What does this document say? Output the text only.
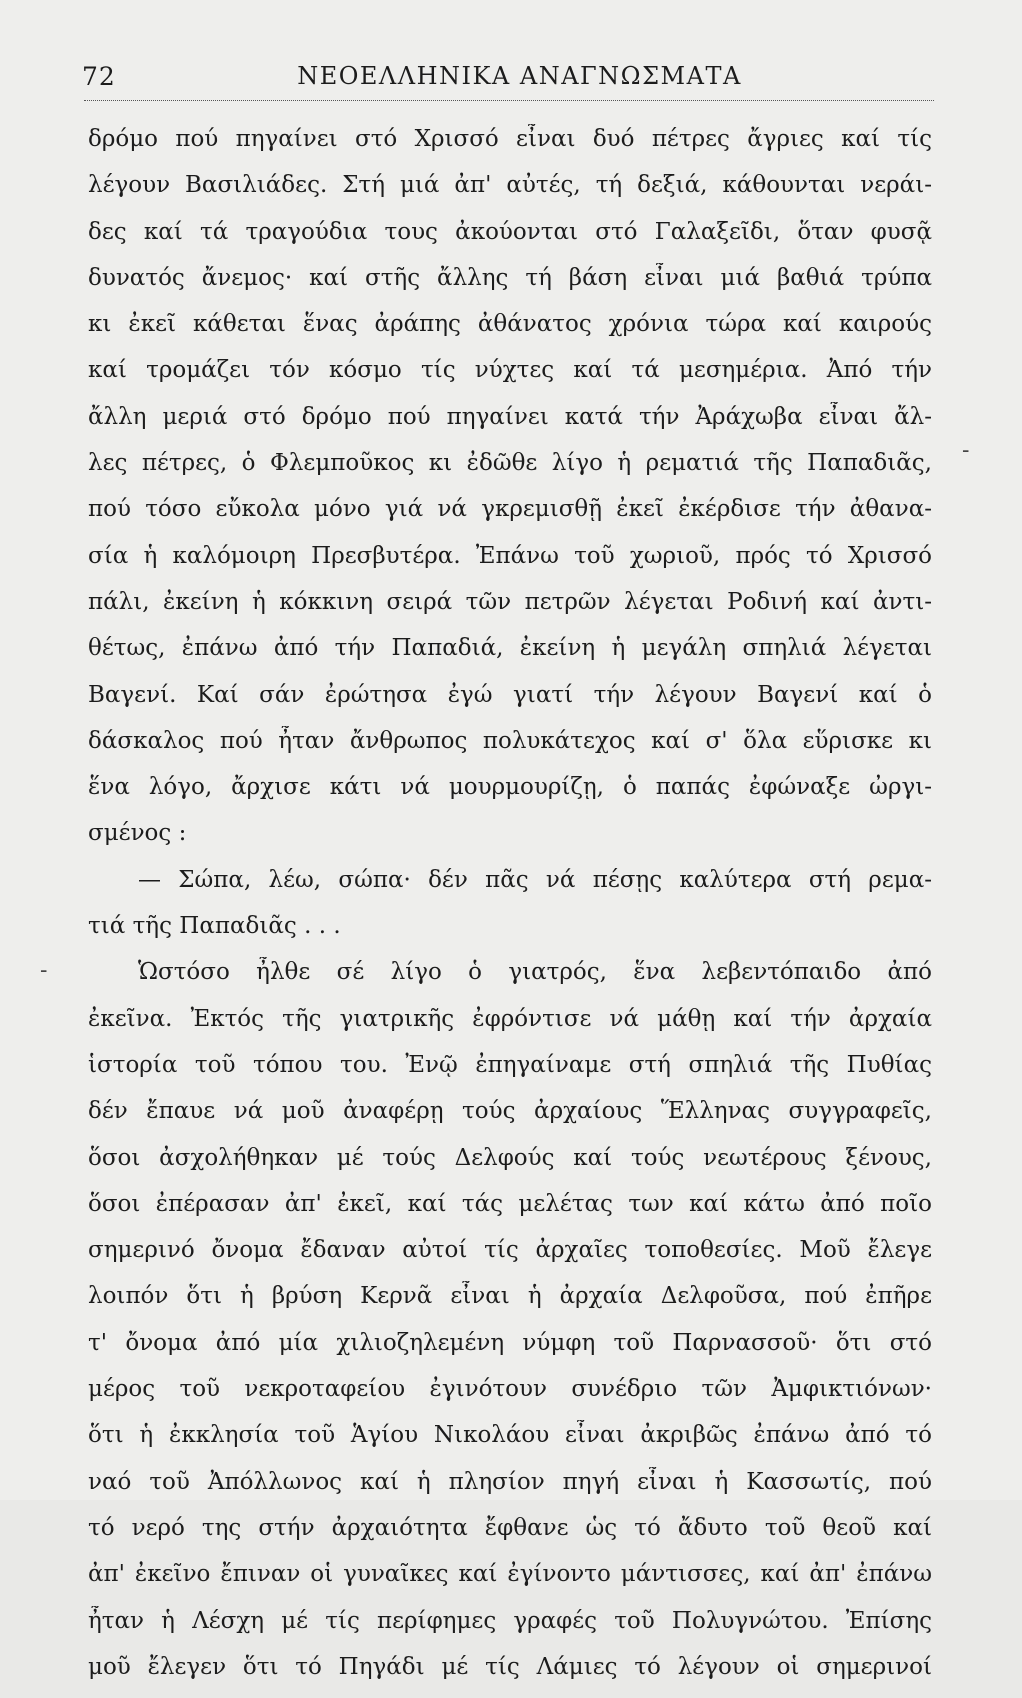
72	ΝΕΟΕΛΛΗΝΙΚΑ ΑΝΑΓΝΩΣΜΑΤΑ
-
-
δρόμο πού πηγαίνει στό Χρισσό εἶναι δυό πέτρες ἄγριες καί τίς
λέγουν Βασιλιάδες. Στή μιά ἀπ' αὐτές, τή δεξιά, κάθουνται νεράι-
δες καί τά τραγούδια τους ἀκούονται στό Γαλαξεῖδι, ὅταν φυσᾷ
δυνατός ἄνεμος· καί στῆς ἄλλης τή βάση εἶναι μιά βαθιά τρύπα
κι ἐκεῖ κάθεται ἕνας ἀράπης ἀθάνατος χρόνια τώρα καί καιρούς
καί τρομάζει τόν κόσμο τίς νύχτες καί τά μεσημέρια. Ἀπό τήν
ἄλλη μεριά στό δρόμο πού πηγαίνει κατά τήν Ἀράχωβα εἶναι ἄλ-
λες πέτρες, ὁ Φλεμποῦκος κι ἐδῶθε λίγο ἡ ρεματιά τῆς Παπαδιᾶς,
πού τόσο εὔκολα μόνο γιά νά γκρεμισθῇ ἐκεῖ ἐκέρδισε τήν ἀθανα-
σία ἡ καλόμοιρη Πρεσβυτέρα. Ἐπάνω τοῦ χωριοῦ, πρός τό Χρισσό
πάλι, ἐκείνη ἡ κόκκινη σειρά τῶν πετρῶν λέγεται Ροδινή καί ἀντι-
θέτως, ἐπάνω ἀπό τήν Παπαδιά, ἐκείνη ἡ μεγάλη σπηλιά λέγεται
Βαγενί. Καί σάν ἐρώτησα ἐγώ γιατί τήν λέγουν Βαγενί καί ὁ
δάσκαλος πού ἦταν ἄνθρωπος πολυκάτεχος καί σ' ὅλα εὕρισκε κι
ἕνα λόγο, ἄρχισε κάτι νά μουρμουρίζῃ, ὁ παπάς ἐφώναξε ὠργι-
σμένος :
— Σώπα, λέω, σώπα· δέν πᾶς νά πέσῃς καλύτερα στή ρεμα-
τιά τῆς Παπαδιᾶς . . .
Ὡστόσο ἦλθε σέ λίγο ὁ γιατρός, ἕνα λεβεντόπαιδο ἀπό
ἐκεῖνα. Ἐκτός τῆς γιατρικῆς ἐφρόντισε νά μάθῃ καί τήν ἀρχαία
ἱστορία τοῦ τόπου του. Ἐνῷ ἐπηγαίναμε στή σπηλιά τῆς Πυθίας
δέν ἔπαυε νά μοῦ ἀναφέρῃ τούς ἀρχαίους Ἕλληνας συγγραφεῖς,
ὅσοι ἀσχολήθηκαν μέ τούς Δελφούς καί τούς νεωτέρους ξένους,
ὅσοι ἐπέρασαν ἀπ' ἐκεῖ, καί τάς μελέτας των καί κάτω ἀπό ποῖο
σημερινό ὄνομα ἔδαναν αὐτοί τίς ἀρχαῖες τοποθεσίες. Μοῦ ἔλεγε
λοιπόν ὅτι ἡ βρύση Κερνᾶ εἶναι ἡ ἀρχαία Δελφοῦσα, πού ἐπῆρε
τ' ὄνομα ἀπό μία χιλιοζηλεμένη νύμφη τοῦ Παρνασσοῦ· ὅτι στό
μέρος τοῦ νεκροταφείου ἐγινότουν συνέδριο τῶν Ἀμφικτιόνων·
ὅτι ἡ ἐκκλησία τοῦ Ἁγίου Νικολάου εἶναι ἀκριβῶς ἐπάνω ἀπό τό
ναό τοῦ Ἀπόλλωνος καί ἡ πλησίον πηγή εἶναι ἡ Κασσωτίς, πού
τό νερό της στήν ἀρχαιότητα ἔφθανε ὡς τό ἄδυτο τοῦ θεοῦ καί
ἀπ' ἐκεῖνο ἔπιναν οἱ γυναῖκες καί ἐγίνοντο μάντισσες, καί ἀπ' ἐπάνω
ἦταν ἡ Λέσχη μέ τίς περίφημες γραφές τοῦ Πολυγνώτου. Ἐπίσης
μοῦ ἔλεγεν ὅτι τό Πηγάδι μέ τίς Λάμιες τό λέγουν οἱ σημερινοί
